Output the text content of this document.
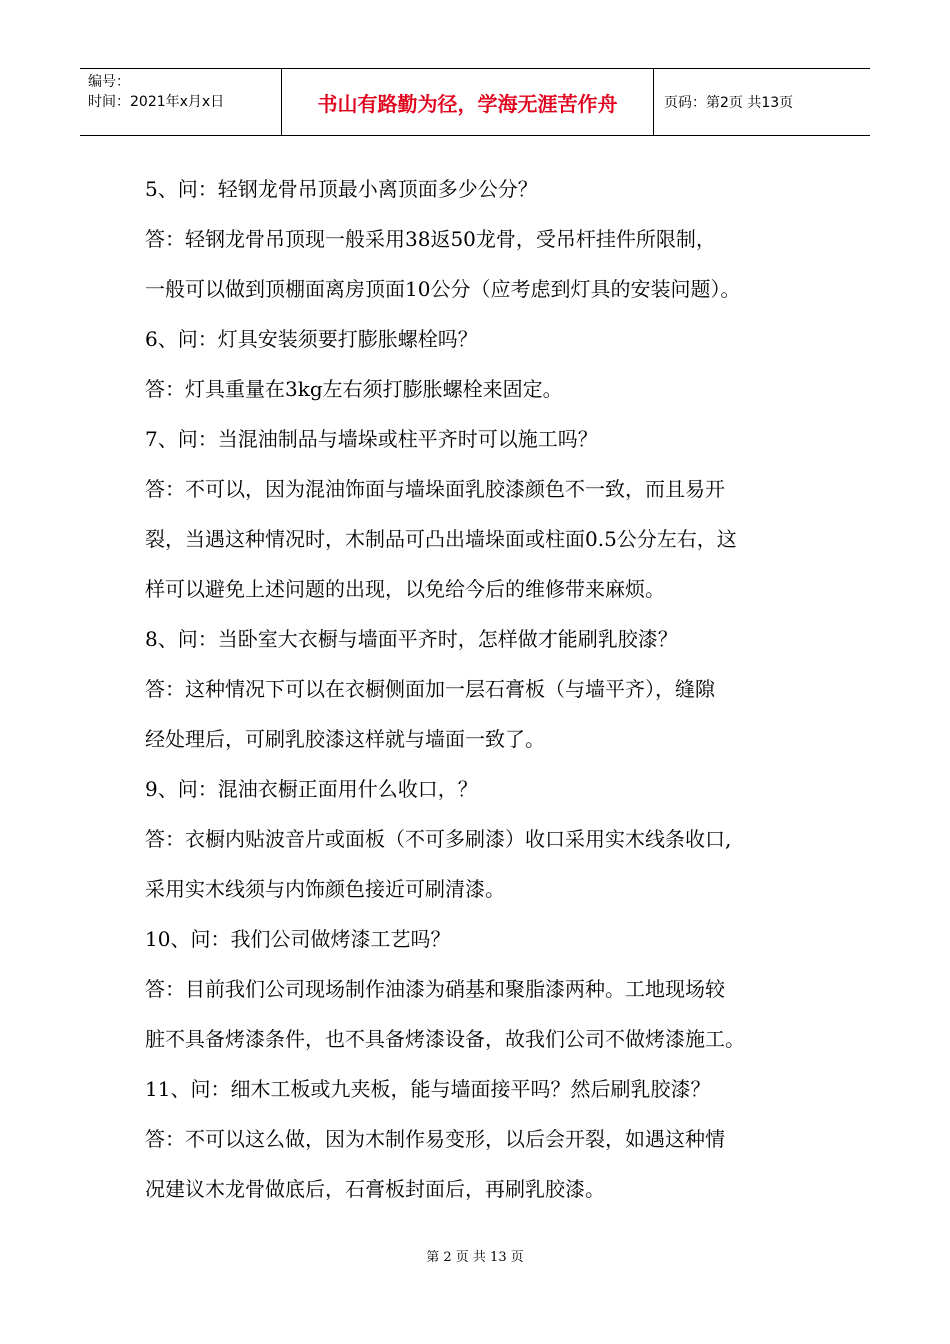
编号：
时间：2021年x月x日	书山有路勤为径，学海无涯苦作舟	页码：第2页 共13页
5、问：轻钢龙骨吊顶最小离顶面多少公分？
答：轻钢龙骨吊顶现一般采用38返50龙骨，受吊杆挂件所限制，
一般可以做到顶棚面离房顶面10公分（应考虑到灯具的安装问题）。
6、问：灯具安装须要打膨胀螺栓吗？
答：灯具重量在3kg左右须打膨胀螺栓来固定。
7、问：当混油制品与墙垛或柱平齐时可以施工吗？
答：不可以，因为混油饰面与墙垛面乳胶漆颜色不一致，而且易开
裂，当遇这种情况时，木制品可凸出墙垛面或柱面0.5公分左右，这
样可以避免上述问题的出现，以免给今后的维修带来麻烦。
8、问：当卧室大衣橱与墙面平齐时，怎样做才能刷乳胶漆？
答：这种情况下可以在衣橱侧面加一层石膏板（与墙平齐），缝隙
经处理后，可刷乳胶漆这样就与墙面一致了。
9、问：混油衣橱正面用什么收口，？
答：衣橱内贴波音片或面板（不可多刷漆）收口采用实木线条收口,
采用实木线须与内饰颜色接近可刷清漆。
10、问：我们公司做烤漆工艺吗？
答：目前我们公司现场制作油漆为硝基和聚脂漆两种。工地现场较
脏不具备烤漆条件，也不具备烤漆设备，故我们公司不做烤漆施工。
11、问：细木工板或九夹板，能与墙面接平吗？然后刷乳胶漆？
答：不可以这么做，因为木制作易变形，以后会开裂，如遇这种情
况建议木龙骨做底后，石膏板封面后，再刷乳胶漆。
第 2 页 共 13 页
